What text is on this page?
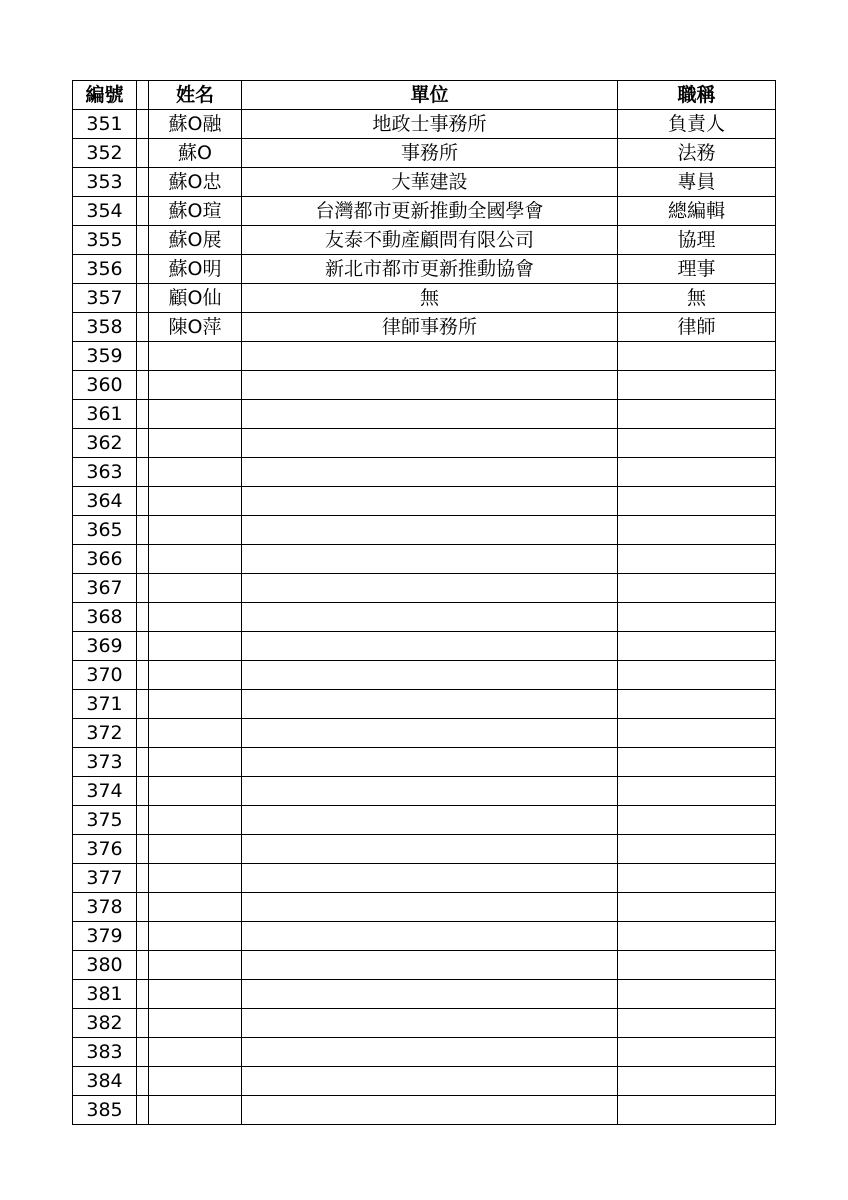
編號		姓名	單位	職稱
351		蘇O融	地政士事務所	負責人
352		蘇O	事務所	法務
353		蘇O忠	大華建設	專員
354		蘇O瑄	台灣都市更新推動全國學會	總編輯
355		蘇O展	友泰不動產顧問有限公司	協理
356		蘇O明	新北市都市更新推動協會	理事
357		顧O仙	無	無
358		陳O萍	律師事務所	律師
359				
360				
361				
362				
363				
364				
365				
366				
367				
368				
369				
370				
371				
372				
373				
374				
375				
376				
377				
378				
379				
380				
381				
382				
383				
384				
385				
